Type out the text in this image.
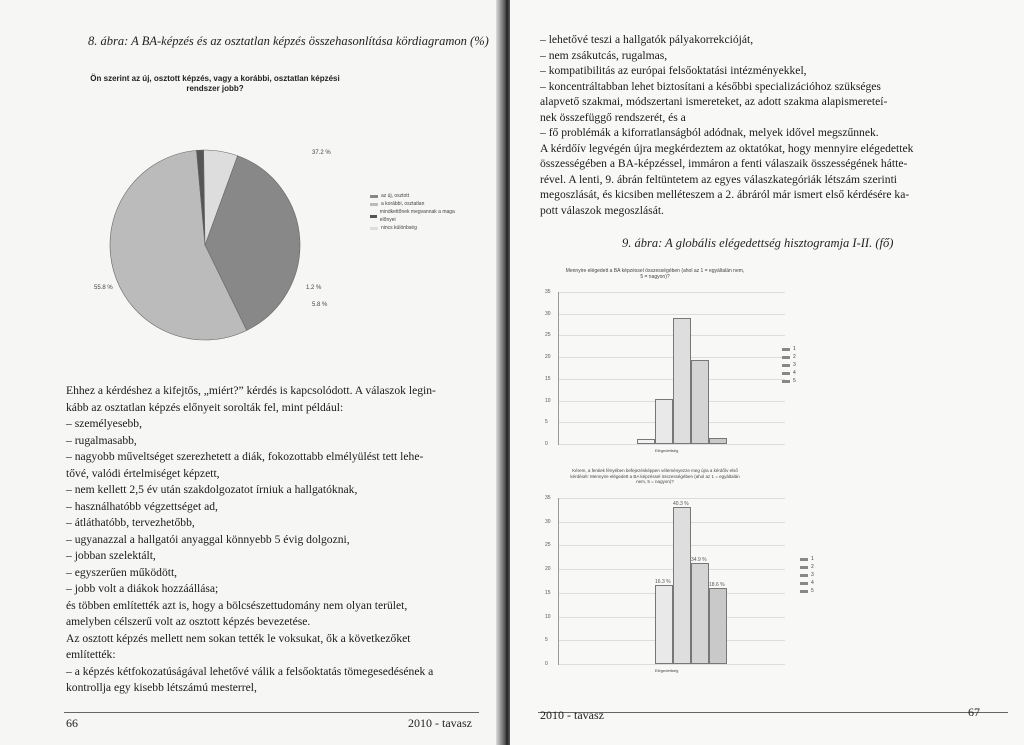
8. ábra: A BA-képzés és az osztatlan képzés összehasonlítása kördiagramon (%)
Ön szerint az új, osztott képzés, vagy a korábbi, osztatlan képzési
rendszer jobb?
37.2 %
55.8 %	1.2 %
5.8 %
az új, osztott
a korábbi, osztatlan
mindkettőnek megvannak a maga előnyei
nincs különbség
Ehhez a kérdéshez a kifejtős, „miért?” kérdés is kapcsolódott. A válaszok legin-
kább az osztatlan képzés előnyeit sorolták fel, mint például:
– személyesebb,
– rugalmasabb,
– nagyobb műveltséget szerezhetett a diák, fokozottabb elmélyülést tett lehe-
tővé, valódi értelmiséget képzett,
– nem kellett 2,5 év után szakdolgozatot írniuk a hallgatóknak,
– használhatóbb végzettséget ad,
– átláthatóbb, tervezhetőbb,
– ugyanazzal a hallgatói anyaggal könnyebb 5 évig dolgozni,
– jobban szelektált,
– egyszerűen működött,
– jobb volt a diákok hozzáállása;
és többen említették azt is, hogy a bölcsészettudomány nem olyan terület,
amelyben célszerű volt az osztott képzés bevezetése.
Az osztott képzés mellett nem sokan tették le voksukat, ők a következőket
említették:
– a képzés kétfokozatúságával lehetővé válik a felsőoktatás tömegesedésének a
kontrollja egy kisebb létszámú mesterrel,
66	2010 - tavasz
– lehetővé teszi a hallgatók pályakorrekcióját,
– nem zsákutcás, rugalmas,
– kompatibilitás az európai felsőoktatási intézményekkel,
– koncentráltabban lehet biztosítani a későbbi specializációhoz szükséges
alapvető szakmai, módszertani ismereteket, az adott szakma alapismereteí-
nek összefüggő rendszerét, és a
– fő problémák a kiforratlanságból adódnak, melyek idővel megszűnnek.
A kérdőív legvégén újra megkérdeztem az oktatókat, hogy mennyire elégedettek
összességében a BA-képzéssel, immáron a fenti válaszaik összességének hátte-
rével. A lenti, 9. ábrán feltüntetem az egyes válaszkategóriák létszám szerinti
megoszlását, és kicsiben melléteszem a 2. ábráról már ismert első kérdésére ka-
pott válaszok megoszlását.
9. ábra: A globális elégedettség hisztogramja I-II. (fő)
Mennyire elégedett a BA képzéssel összességében (ahol az 1 = egyáltalán nem,
5 = nagyon)?
0
5
10
15
20
25
30
35
Elégedettség
1
2
3
4
5
Kérem, a fentiek fényében befejezésképpen véleményezze meg újra a kérdőív első
kérdését: Mennyire elégedett a BA képzéssel összességében (ahol az 1 = egyáltalán
nem, 5 = nagyon)?
0
5
10
15
20
25
30
35
16.3 %
40.3 %
34.9 %
18.6 %
Elégedettség
1
2
3
4
5
2010 - tavasz	67
